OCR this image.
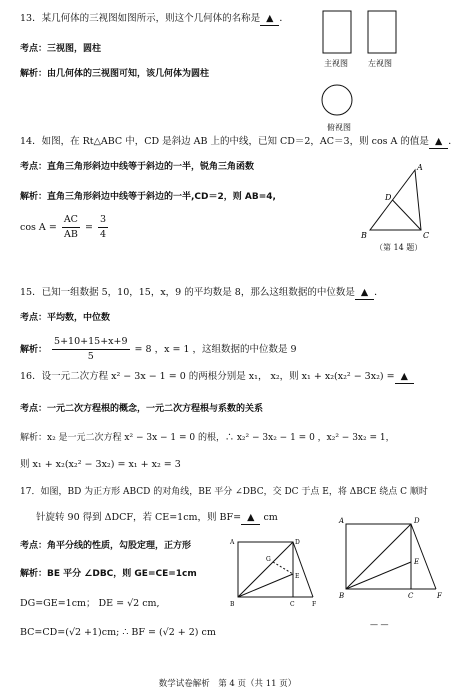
13．某几何体的三视图如图所示，则这个几何体的名称是 ▲ ．
考点：三视图，圆柱
解析：由几何体的三视图可知，该几何体为圆柱
主视图	左视图
俯视图
14．如图，在 Rt△ABC 中，CD 是斜边 AB 上的中线，已知 CD＝2，AC＝3，则 cos A 的值是 ▲ ．
考点：直角三角形斜边中线等于斜边的一半，锐角三角函数
解析：直角三角形斜边中线等于斜边的一半,CD＝2，则 AB=4,
$\cos A = \frac{AC}{AB} = \frac{3}{4}$
A
B	C
D
（第 14 题）
15．已知一组数据 5，10，15，x，9 的平均数是 8，那么这组数据的中位数是 ▲ ．
考点：平均数，中位数
解析： $\frac{5+10+15+x+9}{5} = 8$ ，x = 1 ，这组数据的中位数是 9
16．设一元二次方程 x² − 3x − 1 = 0 的两根分别是 x₁， x₂，则 x₁ + x₂(x₂² − 3x₂) = ▲
考点：一元二次方程根的概念，一元二次方程根与系数的关系
解析：x₂ 是一元二次方程 x² − 3x − 1 = 0 的根，∴ x₂² − 3x₂ − 1 = 0 ，x₂² − 3x₂ = 1，
则 x₁ + x₂(x₂² − 3x₂) = x₁ + x₂ = 3
17．如图，BD 为正方形 ABCD 的对角线，BE 平分 ∠DBC，交 DC 于点 E，将 ΔBCE 绕点 C 顺时
针旋转 90 得到 ΔDCF，若 CE=1cm，则 BF= ▲ cm
考点：角平分线的性质，勾股定理，正方形
解析：BE 平分 ∠DBC，则 GE=CE=1cm
DG=GE=1cm； DE = √2 cm,
BC=CD=(√2 +1)cm; ∴ BF = (√2 + 2) cm
A
B	C
D
E
F
G
A
B	C
D
E
F
— —
数学试卷解析　第 4 页（共 11 页）
